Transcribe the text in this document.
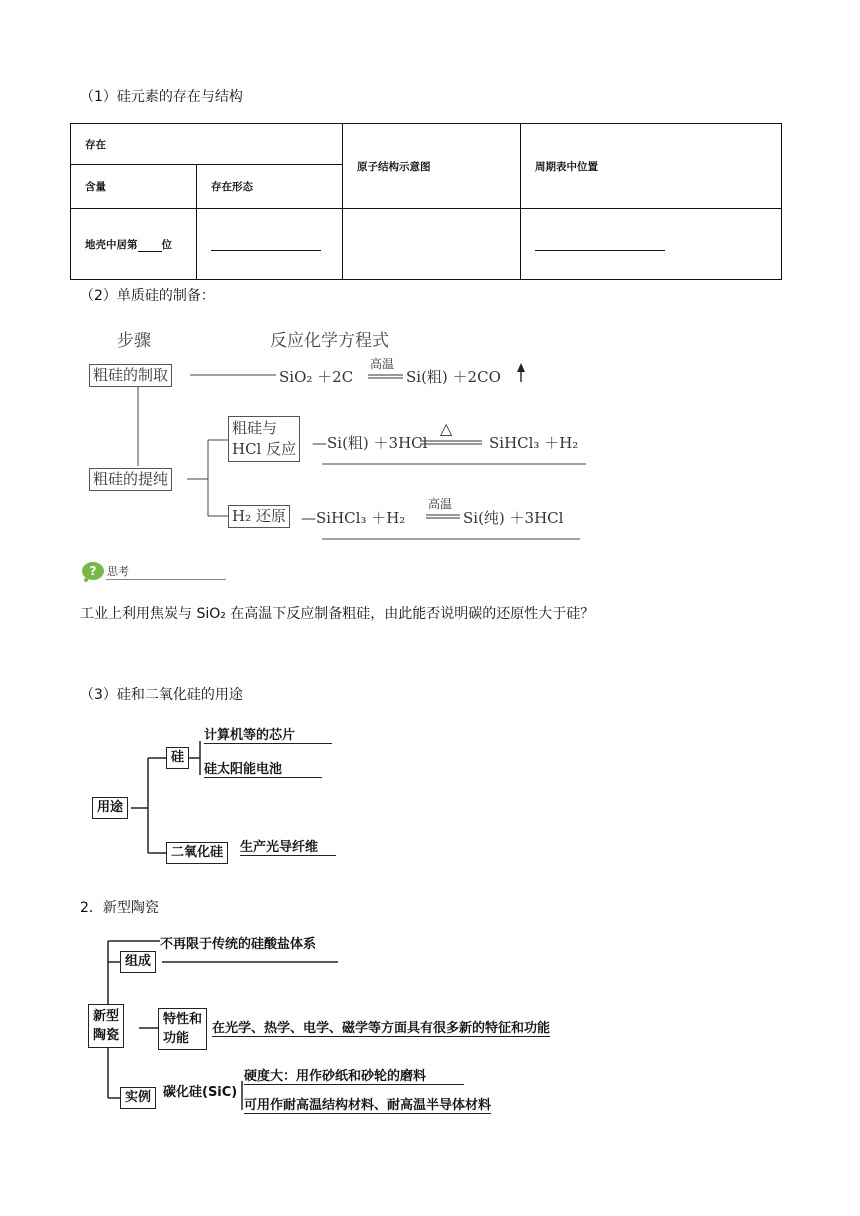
（1）硅元素的存在与结构
存在		原子结构示意图	周期表中位置
含量	存在形态		
地壳中居第 位			
（2）单质硅的制备：
步骤	反应化学方程式
粗硅的制取	SiO₂ ＋2C
高温
Si(粗) ＋2CO
粗硅的提纯
粗硅与
HCl 反应 —Si(粗) ＋3HCl
△
SiHCl₃ ＋H₂
H₂ 还原 —SiHCl₃ ＋H₂
高温
Si(纯) ＋3HCl
? 思考
工业上利用焦炭与 SiO₂ 在高温下反应制备粗硅，由此能否说明碳的还原性大于硅？
（3）硅和二氧化硅的用途
用途
硅
计算机等的芯片
硅太阳能电池
二氧化硅	生产光导纤维
2．新型陶瓷
新型
陶瓷
组成
不再限于传统的硅酸盐体系
特性和
功能
在光学、热学、电学、磁学等方面具有很多新的特征和功能
实例 碳化硅(SiC)
硬度大：用作砂纸和砂轮的磨料
可用作耐高温结构材料、耐高温半导体材料
